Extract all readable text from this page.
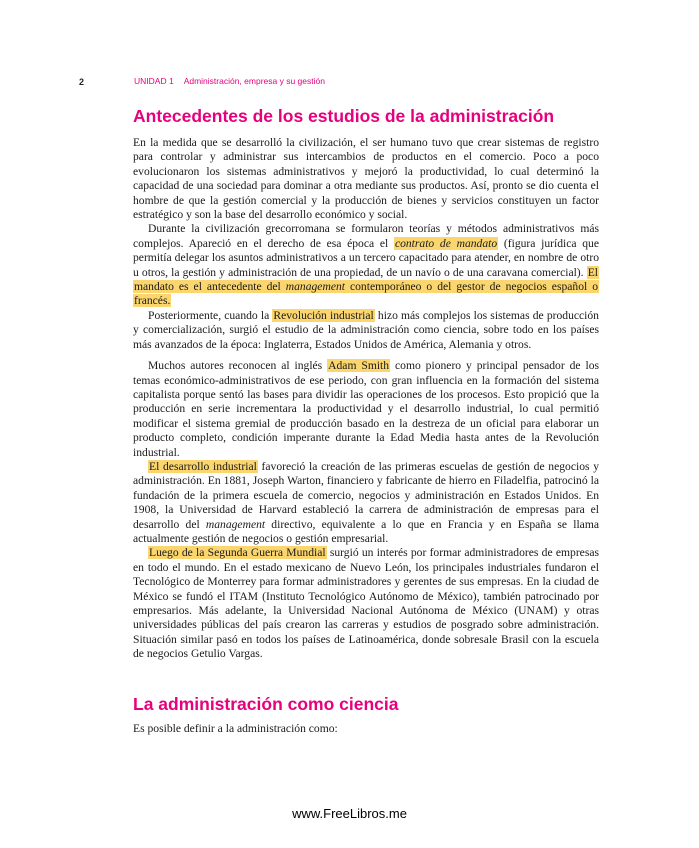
2	UNIDAD 1 Administración, empresa y su gestión
Antecedentes de los estudios de la administración

En la medida que se desarrolló la civilización, el ser humano tuvo que crear sistemas de registro para controlar y administrar sus intercambios de productos en el comercio. Poco a poco evolucionaron los sistemas administrativos y mejoró la productividad, lo cual determinó la capacidad de una sociedad para dominar a otra mediante sus productos. Así, pronto se dio cuenta el hombre de que la gestión comercial y la producción de bienes y servicios constituyen un factor estratégico y son la base del desarrollo económico y social.

Durante la civilización grecorromana se formularon teorías y métodos administrativos más complejos. Apareció en el derecho de esa época el contrato de mandato (figura jurídica que permitía delegar los asuntos administrativos a un tercero capacitado para atender, en nombre de otro u otros, la gestión y administración de una propiedad, de un navío o de una caravana comercial). El mandato es el antecedente del management contemporáneo o del gestor de negocios español o francés.

Posteriormente, cuando la Revolución industrial hizo más complejos los sistemas de producción y comercialización, surgió el estudio de la administración como ciencia, sobre todo en los países más avanzados de la época: Inglaterra, Estados Unidos de América, Alemania y otros.

Muchos autores reconocen al inglés Adam Smith como pionero y principal pensador de los temas económico-administrativos de ese periodo, con gran influencia en la formación del sistema capitalista porque sentó las bases para dividir las operaciones de los procesos. Esto propició que la producción en serie incrementara la productividad y el desarrollo industrial, lo cual permitió modificar el sistema gremial de producción basado en la destreza de un oficial para elaborar un producto completo, condición imperante durante la Edad Media hasta antes de la Revolución industrial.

El desarrollo industrial favoreció la creación de las primeras escuelas de gestión de negocios y administración. En 1881, Joseph Warton, financiero y fabricante de hierro en Filadelfia, patrocinó la fundación de la primera escuela de comercio, negocios y administración en Estados Unidos. En 1908, la Universidad de Harvard estableció la carrera de administración de empresas para el desarrollo del management directivo, equivalente a lo que en Francia y en España se llama actualmente gestión de negocios o gestión empresarial.

Luego de la Segunda Guerra Mundial surgió un interés por formar administradores de empresas en todo el mundo. En el estado mexicano de Nuevo León, los principales industriales fundaron el Tecnológico de Monterrey para formar administradores y gerentes de sus empresas. En la ciudad de México se fundó el ITAM (Instituto Tecnológico Autónomo de México), también patrocinado por empresarios. Más adelante, la Universidad Nacional Autónoma de México (UNAM) y otras universidades públicas del país crearon las carreras y estudios de posgrado sobre administración. Situación similar pasó en todos los países de Latinoamérica, donde sobresale Brasil con la escuela de negocios Getulio Vargas.

La administración como ciencia
Es posible definir a la administración como:
www.FreeLibros.me
